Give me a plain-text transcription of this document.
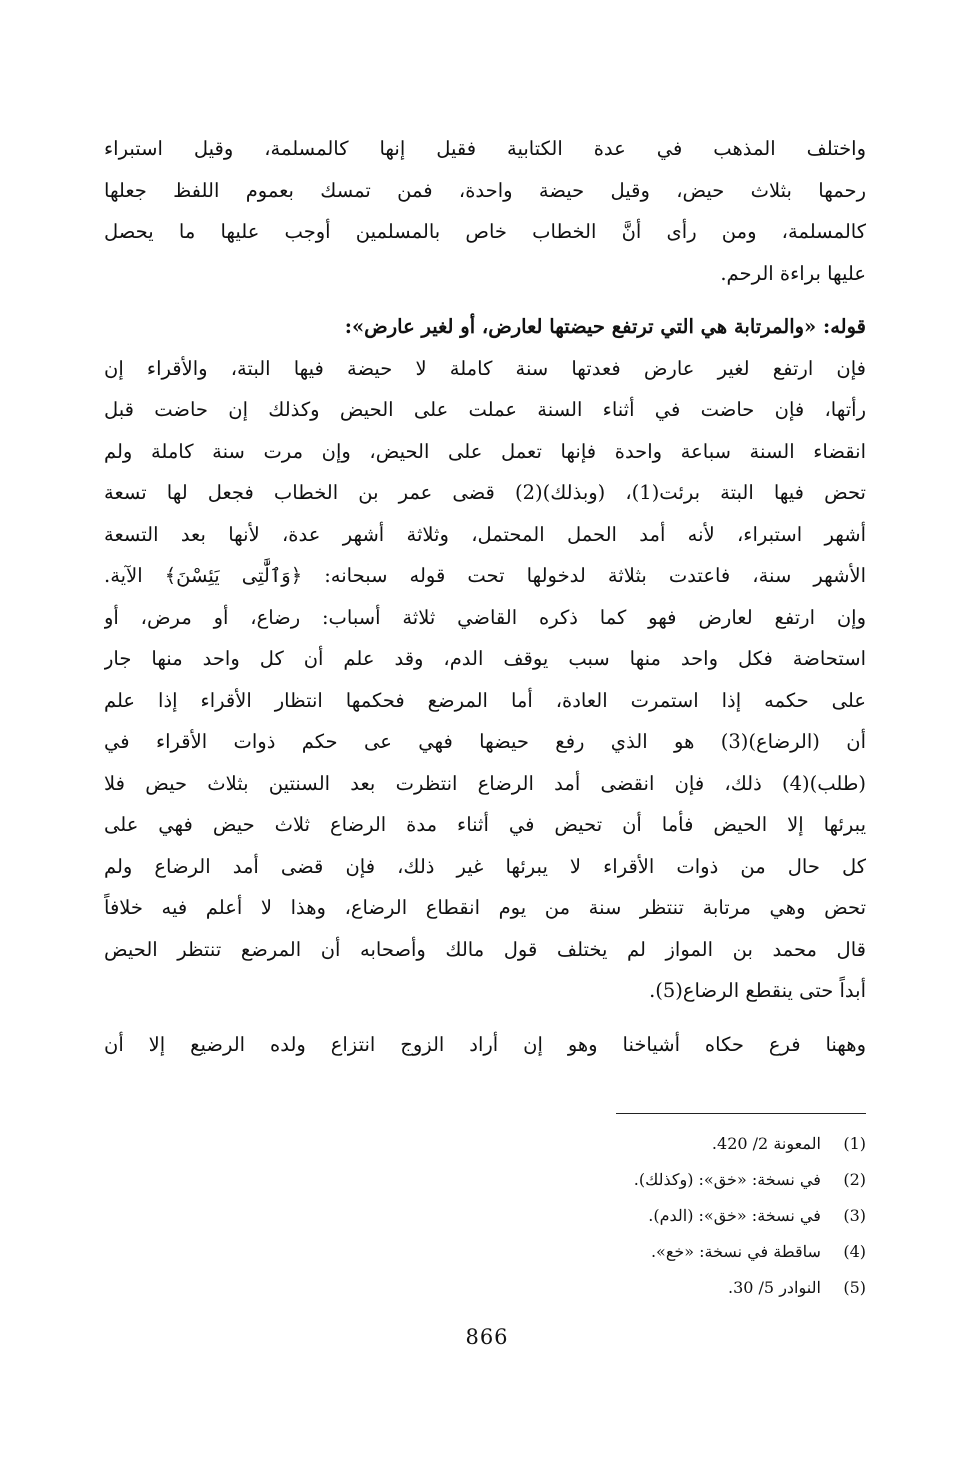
واختلف المذهب في عدة الكتابية فقيل إنها كالمسلمة، وقيل استبراء
رحمها بثلاث حيض، وقيل حيضة واحدة، فمن تمسك بعموم اللفظ جعلها
كالمسلمة، ومن رأى أنَّ الخطاب خاص بالمسلمين أوجب عليها ما يحصل
عليها براءة الرحم.
قوله: «والمرتابة هي التي ترتفع حيضتها لعارض، أو لغير عارض»:
فإن ارتفع لغير عارض فعدتها سنة كاملة لا حيضة فيها البتة، والأقراء إن
رأتها، فإن حاضت في أثناء السنة عملت على الحيض وكذلك إن حاضت قبل
انقضاء السنة سباعة واحدة فإنها تعمل على الحيض، وإن مرت سنة كاملة ولم
تحض فيها البتة برئت(1)، (وبذلك)(2) قضى عمر بن الخطاب فجعل لها تسعة
أشهر استبراء، لأنه أمد الحمل المحتمل، وثلاثة أشهر عدة، لأنها بعد التسعة
الأشهر سنة، فاعتدت بثلاثة لدخولها تحت قوله سبحانه: ﴿وَٱلَّٰتِى يَئِسْنَ﴾ الآية.
وإن ارتفع لعارض فهو كما ذكره القاضي ثلاثة أسباب: رضاع، أو مرض، أو
استحاضة فكل واحد منها سبب يوقف الدم، وقد علم أن كل واحد منها جار
على حكمه إذا استمرت العادة، أما المرضع فحكمها انتظار الأقراء إذا علم
أن (الرضاع)(3) هو الذي رفع حيضها فهي عى حكم ذوات الأقراء في
(طلب)(4) ذلك، فإن انقضى أمد الرضاع انتظرت بعد السنتين بثلاث حيض فلا
يبرئها إلا الحيض فأما أن تحيض في أثناء مدة الرضاع ثلاث حيض فهي على
كل حال من ذوات الأقراء لا يبرئها غير ذلك، فإن قضى أمد الرضاع ولم
تحض وهي مرتابة تنتظر سنة من يوم انقطاع الرضاع، وهذا لا أعلم فيه خلافاً
قال محمد بن المواز لم يختلف قول مالك وأصحابه أن المرضع تنتظر الحيض
أبداً حتى ينقطع الرضاع(5).
وههنا فرع حكاه أشياخنا وهو إن أراد الزوج انتزاع ولده الرضيع إلا أن
(1) المعونة 2/ 420.
(2) في نسخة: «خق»: (وكذلك).
(3) في نسخة: «خق»: (الدم).
(4) ساقطة في نسخة: «خع».
(5) النوادر 5/ 30.
866
